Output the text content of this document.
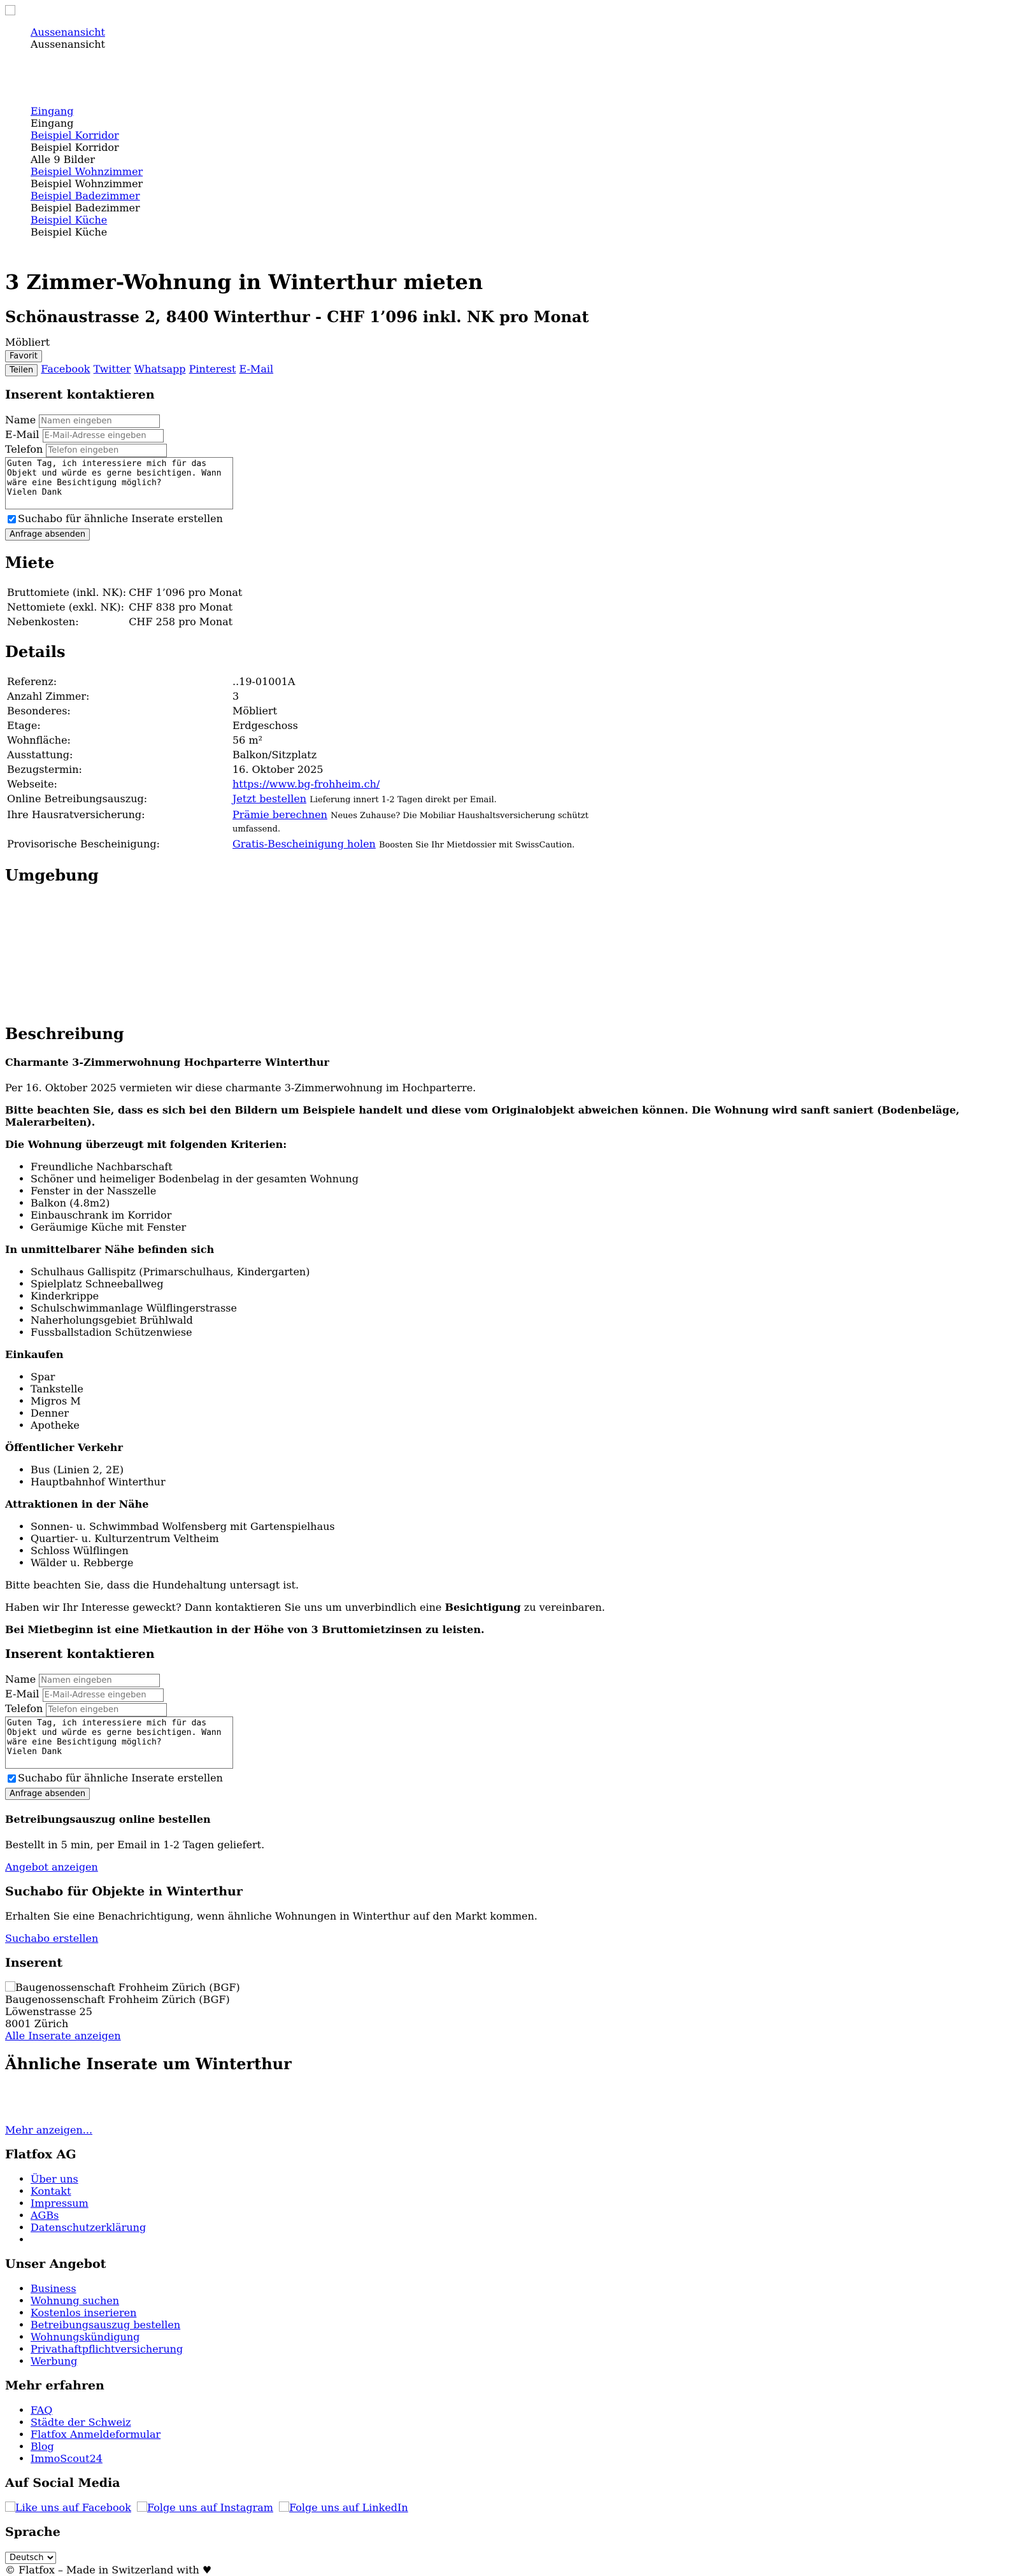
Aussenansicht
Aussenansicht
Eingang
Eingang
Beispiel Korridor
Beispiel Korridor
Alle 9 Bilder
Beispiel Wohnzimmer
Beispiel Wohnzimmer
Beispiel Badezimmer
Beispiel Badezimmer
Beispiel Küche
Beispiel Küche
3 Zimmer-Wohnung in Winterthur mieten
Schönaustrasse 2, 8400 Winterthur - CHF 1’096 inkl. NK pro Monat
Möbliert
Favorit
Teilen Facebook Twitter Whatsapp Pinterest E-Mail
Inserent kontaktieren
Name Namen eingeben
E-Mail E-Mail-Adresse eingeben
Telefon Telefon eingeben
Guten Tag, ich interessiere mich für das Objekt und würde es gerne besichtigen. Wann wäre eine Besichtigung möglich? Vielen Dank
Suchabo für ähnliche Inserate erstellen
Anfrage absenden
Miete
Bruttomiete (inkl. NK):	CHF 1’096 pro Monat
Nettomiete (exkl. NK):	CHF 838 pro Monat
Nebenkosten:	CHF 258 pro Monat
Details
Referenz:	..19-01001A
Anzahl Zimmer:	3
Besonderes:	Möbliert
Etage:	Erdgeschoss
Wohnfläche:	56 m²
Ausstattung:	Balkon/Sitzplatz
Bezugstermin:	16. Oktober 2025
Webseite:	https://www.bg-frohheim.ch/
Online Betreibungsauszug:	Jetzt bestellen Lieferung innert 1-2 Tagen direkt per Email.
Ihre Hausratversicherung:	Prämie berechnen Neues Zuhause? Die Mobiliar Haushaltsversicherung schützt umfassend.
Provisorische Bescheinigung:	Gratis-Bescheinigung holen Boosten Sie Ihr Mietdossier mit SwissCaution.
Umgebung
Beschreibung
Charmante 3-Zimmerwohnung Hochparterre Winterthur

Per 16. Oktober 2025 vermieten wir diese charmante 3-Zimmerwohnung im Hochparterre.

Bitte beachten Sie, dass es sich bei den Bildern um Beispiele handelt und diese vom Originalobjekt abweichen können. Die Wohnung wird sanft saniert (Bodenbeläge, Malerarbeiten).

Die Wohnung überzeugt mit folgenden Kriterien:

• Freundliche Nachbarschaft
• Schöner und heimeliger Bodenbelag in der gesamten Wohnung
• Fenster in der Nasszelle
• Balkon (4.8m2)
• Einbauschrank im Korridor
• Geräumige Küche mit Fenster

In unmittelbarer Nähe befinden sich

• Schulhaus Gallispitz (Primarschulhaus, Kindergarten)
• Spielplatz Schneeballweg
• Kinderkrippe
• Schulschwimmanlage Wülflingerstrasse
• Naherholungsgebiet Brühlwald
• Fussballstadion Schützenwiese

Einkaufen

• Spar
• Tankstelle
• Migros M
• Denner
• Apotheke

Öffentlicher Verkehr

• Bus (Linien 2, 2E)
• Hauptbahnhof Winterthur

Attraktionen in der Nähe

• Sonnen- u. Schwimmbad Wolfensberg mit Gartenspielhaus
• Quartier- u. Kulturzentrum Veltheim
• Schloss Wülflingen
• Wälder u. Rebberge

Bitte beachten Sie, dass die Hundehaltung untersagt ist.

Haben wir Ihr Interesse geweckt? Dann kontaktieren Sie uns um unverbindlich eine Besichtigung zu vereinbaren.

Bei Mietbeginn ist eine Mietkaution in der Höhe von 3 Bruttomietzinsen zu leisten.

Inserent kontaktieren
Name Namen eingeben
E-Mail E-Mail-Adresse eingeben
Telefon Telefon eingeben
Guten Tag, ich interessiere mich für das Objekt und würde es gerne besichtigen. Wann wäre eine Besichtigung möglich? Vielen Dank
Suchabo für ähnliche Inserate erstellen
Anfrage absenden
Betreibungsauszug online bestellen

Bestellt in 5 min, per Email in 1-2 Tagen geliefert.

Angebot anzeigen

Suchabo für Objekte in Winterthur

Erhalten Sie eine Benachrichtigung, wenn ähnliche Wohnungen in Winterthur auf den Markt kommen.

Suchabo erstellen

Inserent
Baugenossenschaft Frohheim Zürich (BGF)
Baugenossenschaft Frohheim Zürich (BGF)
Löwenstrasse 25
8001 Zürich
Alle Inserate anzeigen
Ähnliche Inserate um Winterthur
Mehr anzeigen...
Flatfox AG
• Über uns
• Kontakt
• Impressum
• AGBs
• Datenschutzerklärung
•
Unser Angebot
• Business
• Wohnung suchen
• Kostenlos inserieren
• Betreibungsauszug bestellen
• Wohnungskündigung
• Privathaftpflichtversicherung
• Werbung
Mehr erfahren
• FAQ
• Städte der Schweiz
• Flatfox Anmeldeformular
• Blog
• ImmoScout24
Auf Social Media
Like uns auf Facebook Folge uns auf Instagram Folge uns auf LinkedIn
Sprache
Deutsch
© Flatfox – Made in Switzerland with ♥
